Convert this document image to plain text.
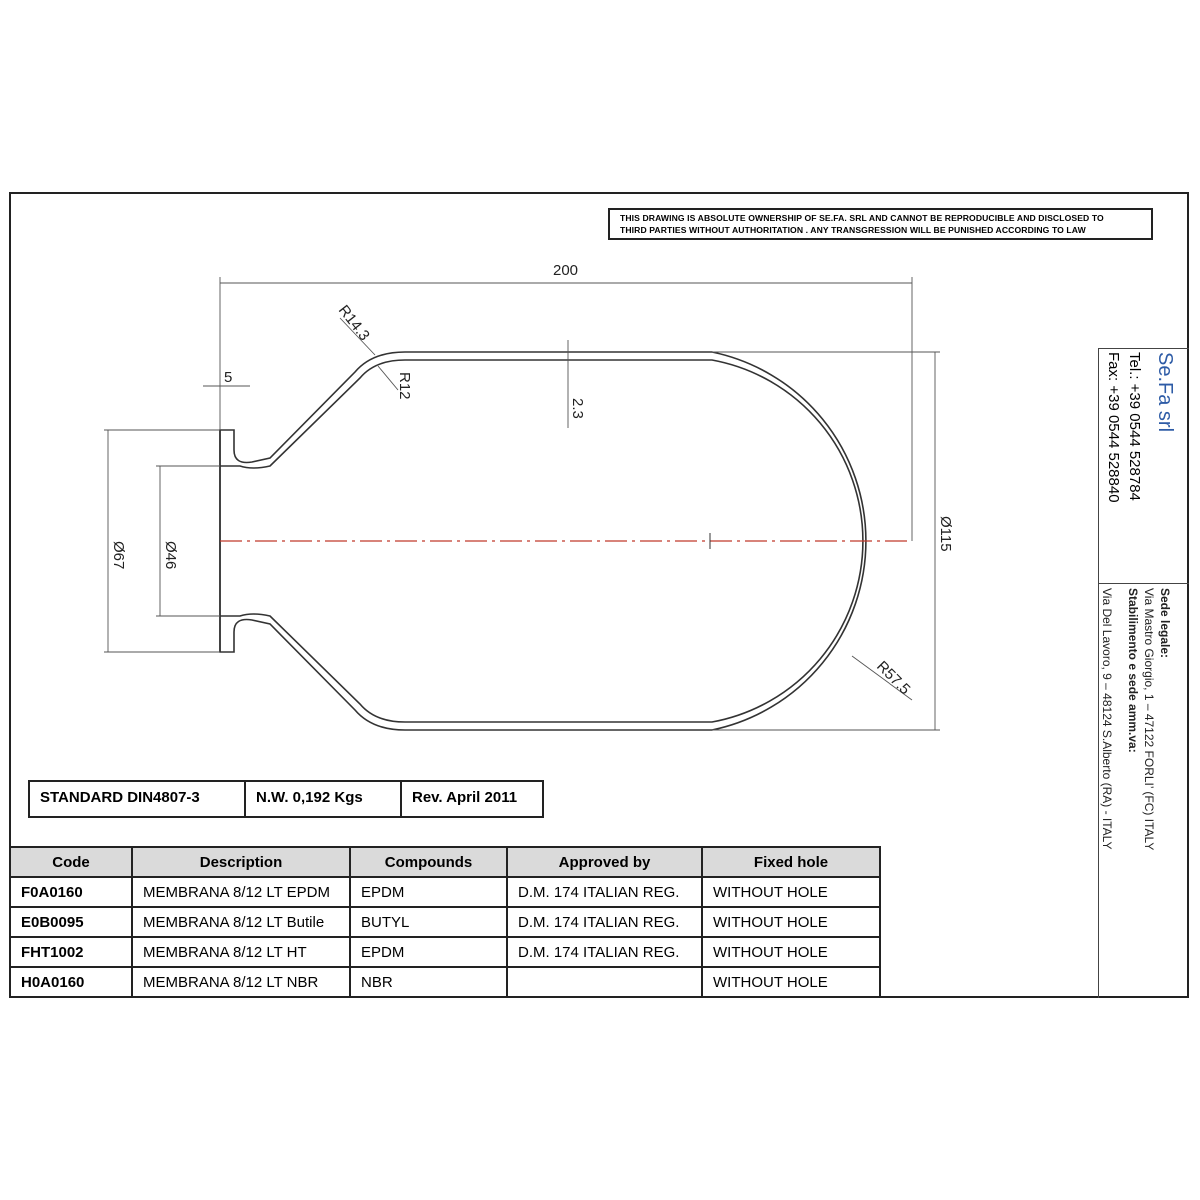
200
5
R14.3
R12
2.3
Ø67 Ø46
Ø115
R57.5
THIS DRAWING IS ABSOLUTE OWNERSHIP OF SE.FA. SRL AND CANNOT BE REPRODUCIBLE AND DISCLOSED TO
THIRD PARTIES WITHOUT AUTHORITATION . ANY TRANSGRESSION WILL BE PUNISHED ACCORDING TO LAW
Se.Fa srl
Tel.: +39 0544 528784
Fax: +39 0544 528840
Sede legale:
Via Mastro Giorgio, 1 – 47122 FORLI’ (FC) ITALY
Stabilimento e sede amm.va:
Via Del Lavoro, 9 – 48124 S.Alberto (RA) - ITALY
STANDARD DIN4807-3	N.W. 0,192 Kgs	Rev. April 2011
Code	Description	Compounds	Approved by	Fixed hole
F0A0160	MEMBRANA 8/12 LT EPDM	EPDM	D.M. 174 ITALIAN REG.	WITHOUT HOLE
E0B0095	MEMBRANA 8/12 LT Butile	BUTYL	D.M. 174 ITALIAN REG.	WITHOUT HOLE
FHT1002	MEMBRANA 8/12 LT HT	EPDM	D.M. 174 ITALIAN REG.	WITHOUT HOLE
H0A0160	MEMBRANA 8/12 LT NBR	NBR		WITHOUT HOLE
